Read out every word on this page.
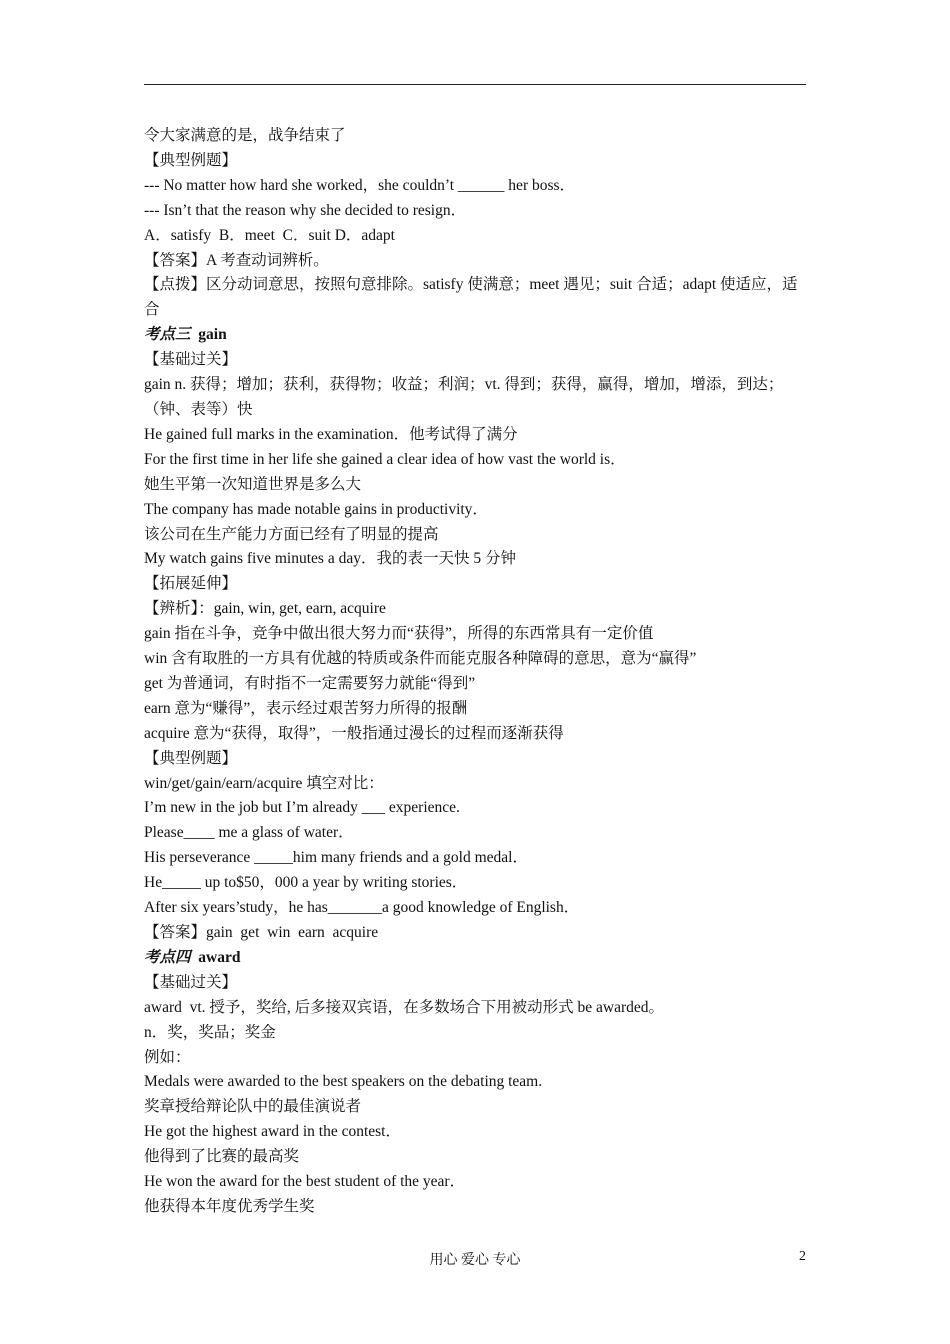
令大家满意的是，战争结束了
【典型例题】
--- No matter how hard she worked，she couldn’t ______ her boss．
--- Isn’t that the reason why she decided to resign．
A．satisfy  B．meet  C．suit D．adapt
【答案】A 考查动词辨析。
【点拨】区分动词意思，按照句意排除。satisfy 使满意；meet 遇见；suit 合适；adapt 使适应，适合
考点三  gain
【基础过关】
gain n. 获得；增加；获利，获得物；收益；利润；vt. 得到；获得，赢得，增加，增添，到达；（钟、表等）快
He gained full marks in the examination．他考试得了满分
For the first time in her life she gained a clear idea of how vast the world is．
她生平第一次知道世界是多么大
The company has made notable gains in productivity．
该公司在生产能力方面已经有了明显的提高
My watch gains five minutes a day．我的表一天快 5 分钟
【拓展延伸】
【辨析】：gain, win, get, earn, acquire
gain 指在斗争，竞争中做出很大努力而“获得”，所得的东西常具有一定价值
win 含有取胜的一方具有优越的特质或条件而能克服各种障碍的意思，意为“赢得”
get 为普通词，有时指不一定需要努力就能“得到”
earn 意为“赚得”，表示经过艰苦努力所得的报酬
acquire 意为“获得，取得”，一般指通过漫长的过程而逐渐获得
【典型例题】
win/get/gain/earn/acquire 填空对比：
I’m new in the job but I’m already ___ experience.
Please____ me a glass of water．
His perseverance _____him many friends and a gold medal．
He_____ up to$50，000 a year by writing stories．
After six years’study，he has_______a good knowledge of English．
【答案】gain  get  win  earn  acquire
考点四  award
【基础过关】
award  vt. 授予，奖给, 后多接双宾语，在多数场合下用被动形式 be awarded。
n．奖，奖品；奖金
例如：
Medals were awarded to the best speakers on the debating team.
奖章授给辩论队中的最佳演说者
He got the highest award in the contest．
他得到了比赛的最高奖
He won the award for the best student of the year．
他获得本年度优秀学生奖
用心 爱心 专心	2
